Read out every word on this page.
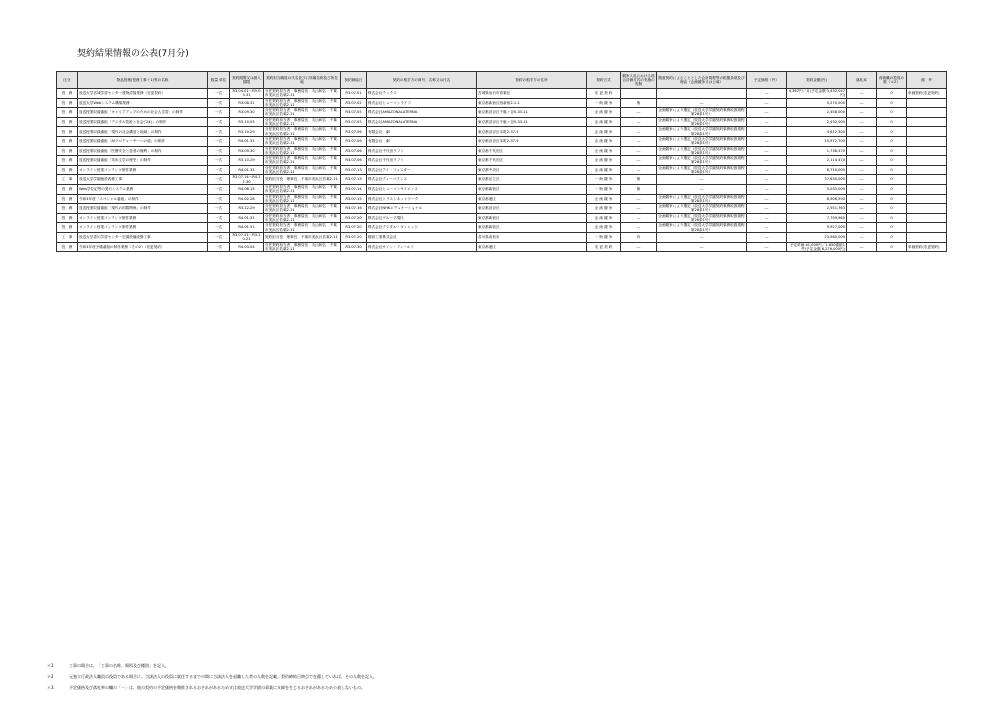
契約結果情報の公表(7月分)
区分	物品役務(役務工事＋1)等の名称	数量 単位	契約期間又は納入期限	契約担当職員の氏名並びに所属名称及び所在地	契約締結日	契約の相手方の商号、名称又は氏名	契約の相手方の住所	契約方式	競争入札における総合評価方式の実施の有無	随意契約によることとした会計規程等の根拠条項及び理由（企画競争又は公募）	予定価格（円）	契約金額(円)	落札率	再就職の役員の数（＊2）	備　考
役　務	放送大学宮城学習センター建物清掃業務（変更契約）	一式	R3.04.01～R5.03.31	分任契約担当者　事務局長　丸山和弘　千葉市美浜区若葉2-11	R3.07.01	株式会社テックス	宮城県仙台市青葉区	変 更 契 約			―	4,367円／月(予定金額 3,432,047円)	―	0	単価契約(変更契約)
役　務	放送大学Webシステム構築業務	一式	R3.08.31	分任契約担当者　事務局長　丸山和弘　千葉市美浜区若葉2-11	R3.07.02	株式会社ヒューマンライフ	東京都新宿区西新宿2-1-1	一 般 競 争	無	―	―	5,270,000	―	0	
役　務	放送授業収録番組「キャリアアップのための社会人学習」の制作	一式	R3.09.30	分任契約担当者　事務局長　丸山和弘　千葉市美浜区若葉2-11	R3.07.05	株式会社AMAZONALATERNA	東京都渋谷区千駄ヶ谷5-33-11	企 画 競 争	―	企画競争により選定（放送大学学園契約事務取扱規程第28条1号）	―	2,458,000	―	0	
役　務	放送授業収録番組「デジタル技術と社会(’24)」の制作	一式	R3.10.05	分任契約担当者　事務局長　丸山和弘　千葉市美浜区若葉2-11	R3.07.05	株式会社AMAZONALATERNA	東京都渋谷区千駄ヶ谷5-33-11	企 画 競 争	―	企画競争により選定（放送大学学園契約事務取扱規程第28条1号）	―	2,432,000	―	0	
役　務	放送授業収録番組「現代の社会構造と地域」の制作	一式	R3.10.29	分任契約担当者　事務局長　丸山和弘　千葉市美浜区若葉2-11	R3.07.06	有限会社　劇	東京都渋谷区本町2-37-5	企 画 競 争	―	企画競争により選定（放送大学学園契約事務取扱規程第28条1号）	―	4,612,300	―	0	
役　務	放送授業収録番組「AIプロデューサーへの道」の制作	一式	R4.01.31	分任契約担当者　事務局長　丸山和弘　千葉市美浜区若葉2-11	R3.07.06	有限会社　劇	東京都渋谷区本町2-37-5	企 画 競 争	―	企画競争により選定（放送大学学園契約事務取扱規程第28条1号）	―	15,972,700	―	0	
役　務	放送授業収録番組「医療安全と患者の権利」の制作	一式	R3.09.30	分任契約担当者　事務局長　丸山和弘　千葉市美浜区若葉2-11	R3.07.06	株式会社千代田ラフト	東京都千代田区	企 画 競 争	―	企画競争により選定（放送大学学園契約事務取扱規程第28条1号）	―	1,738,370	―	0	
役　務	放送授業収録番組「英米文学の歴史」の制作	一式	R3.10.29	分任契約担当者　事務局長　丸山和弘　千葉市美浜区若葉2-11	R3.07.06	株式会社千代田ラフト	東京都千代田区	企 画 競 争	―	企画競争により選定（放送大学学園契約事務取扱規程第28条1号）	―	2,114,470	―	0	
役　務	オンライン授業コンテンツ制作業務	一式	R4.01.31	分任契約担当者　事務局長　丸山和弘　千葉市美浜区若葉2-11	R3.07.13	株式会社アイ・フォスター	東京都中央区	企 画 競 争	―	企画競争により選定（放送大学学園契約事務取扱規程第28条1号）	―	8,710,000	―	0	
工　事	放送大学学園施設改修工事	一式	R3.07.14～R4.11.30	契約担当役　理事長　千葉市美浜区若葉2-11	R3.07.13	株式会社ディーバランス	東京都足立区	一 般 競 争	無	―	―	37,630,000	―	0	
役　務	Web学位記等の発行システム業務	一式	R4.08.15	分任契約担当者　事務局長　丸山和弘　千葉市美浜区若葉2-11	R3.07.14	株式会社ヒューマンサイエンス	東京都新宿区	一 般 競 争	無	―	―	5,035,000	―	0	
役　務	令和3年度「スペシャル番組」の制作	一式	R4.02.28	分任契約担当者　事務局長　丸山和弘　千葉市美浜区若葉2-11	R3.07.15	株式会社トラストネットワーク	東京都港区	企 画 競 争	―	企画競争により選定（放送大学学園契約事務取扱規程第28条1号）	―	8,506,590	―	0	
役　務	放送授業収録番組「現代の国際関係」の制作	一式	R3.12.29	分任契約担当者　事務局長　丸山和弘　千葉市美浜区若葉2-11	R3.07.16	株式会社NHKエデュケーショナル	東京都渋谷区	企 画 競 争	―	企画競争により選定（放送大学学園契約事務取扱規程第28条1号）	―	2,551,763	―	0	
役　務	オンライン授業コンテンツ制作業務	一式	R4.01.31	分任契約担当者　事務局長　丸山和弘　千葉市美浜区若葉2-11	R3.07.20	株式会社グループ現代	東京都新宿区	企 画 競 争	―	企画競争により選定（放送大学学園契約事務取扱規程第28条1号）	―	7,799,960	―	0	
役　務	オンライン授業コンテンツ制作業務	一式	R4.01.31	分任契約担当者　事務局長　丸山和弘　千葉市美浜区若葉2-11	R3.07.20	株式会社デジタル・ヴィレッジ	東京都新宿区	企 画 競 争	―	企画競争により選定（放送大学学園契約事務取扱規程第28条1号）	―	9,927,000	―	0	
工　事	放送大学香川学習センター空調設備改修工事	一式	R3.07.21～R3.10.21	契約担当役　理事長　千葉市美浜区若葉2-11	R3.07.20	穂高工業株式会社	香川県高松市	一 般 競 争	有	―	―	23,560,000	―	0	
役　務	令和3年度予備番組の制作業務（その2）（変更契約）	一式	R4.03.04	分任契約担当者　事務局長　丸山和弘　千葉市美浜区若葉2-11	R3.07.30	株式会社サイン・フィールド	東京都港区	変 更 契 約	―	―	―	予定単価 41,000円／1,650番組1件(予定金額 6,276,000円)	―	0	単価契約(変更契約)
＊1	工事の場合は、「工事の名称、場所及び種別」を記入。
＊2	元独立行政法人職員の役員である場合に、当該法人の役員に就任するまでの間に当該法人を退職した者の人数を記載。契約締結日時点で在籍していれば、その人数を記入。
＊3	予定価格及び落札率の欄の「－」は、他の契約の予定価格を類推されるおそれがあるため又は放送大学学園の事業に支障を生じるおそれがあるため公表しないもの。
